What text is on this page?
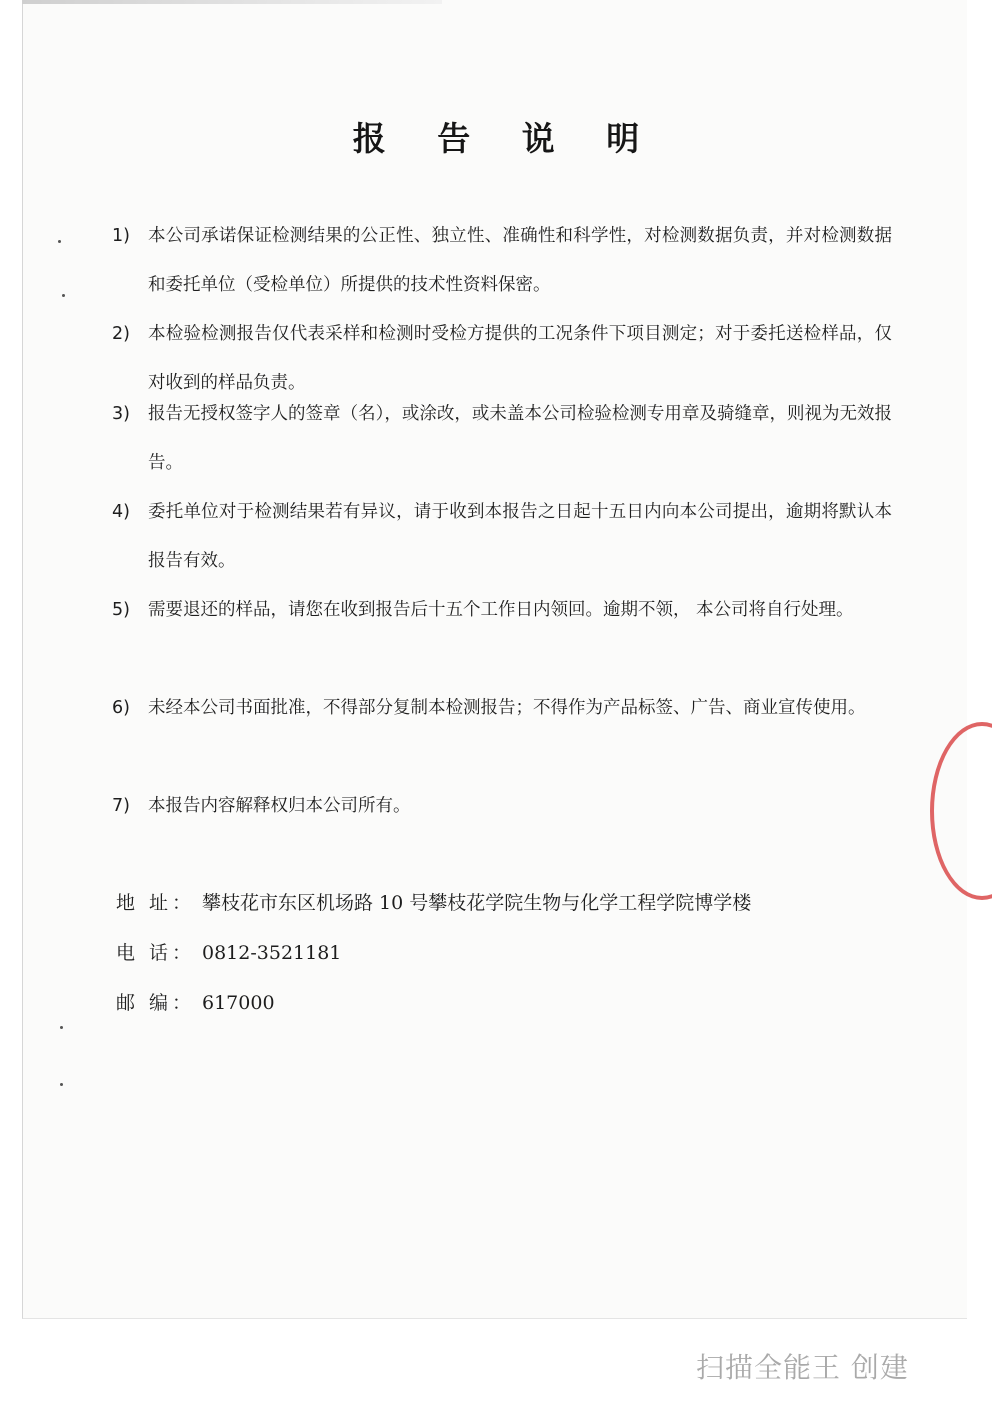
报 告 说 明
1)	本公司承诺保证检测结果的公正性、独立性、准确性和科学性，对检测数据负责，并对检测数据和委托单位（受检单位）所提供的技术性资料保密。
2)	本检验检测报告仅代表采样和检测时受检方提供的工况条件下项目测定；对于委托送检样品，仅对收到的样品负责。
3)	报告无授权签字人的签章（名），或涂改，或未盖本公司检验检测专用章及骑缝章，则视为无效报告。
4)	委托单位对于检测结果若有异议，请于收到本报告之日起十五日内向本公司提出，逾期将默认本报告有效。
5)	需要退还的样品，请您在收到报告后十五个工作日内领回。逾期不领， 本公司将自行处理。
6)	未经本公司书面批准，不得部分复制本检测报告；不得作为产品标签、广告、商业宣传使用。
7)	本报告内容解释权归本公司所有。
地 址： 攀枝花市东区机场路 10 号攀枝花学院生物与化学工程学院博学楼
电 话： 0812-3521181
邮 编： 617000
扫描全能王 创建
